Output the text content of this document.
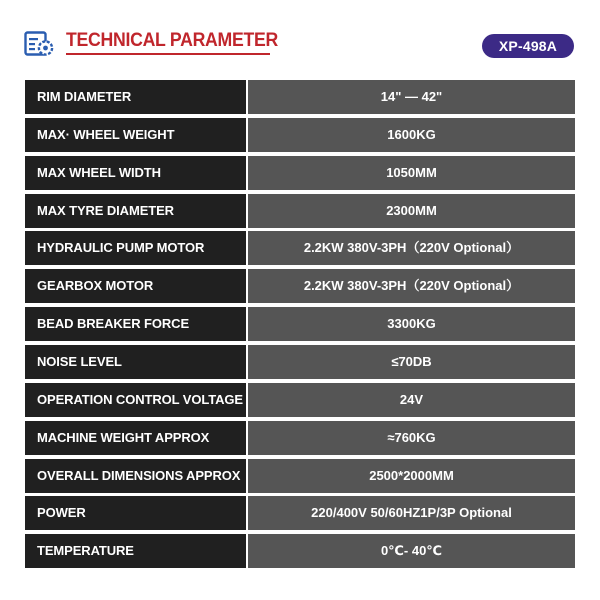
TECHNICAL PARAMETER	XP-498A
RIM DIAMETER	14" — 42"
MAX· WHEEL WEIGHT	1600KG
MAX WHEEL WIDTH	1050MM
MAX TYRE DIAMETER	2300MM
HYDRAULIC PUMP MOTOR	2.2KW 380V-3PH（220V Optional）
GEARBOX MOTOR	2.2KW 380V-3PH（220V Optional）
BEAD BREAKER FORCE	3300KG
NOISE LEVEL	≤70DB
OPERATION CONTROL VOLTAGE	24V
MACHINE WEIGHT APPROX	≈760KG
OVERALL DIMENSIONS APPROX	2500*2000MM
POWER	220/400V 50/60HZ1P/3P Optional
TEMPERATURE	0℃- 40℃
